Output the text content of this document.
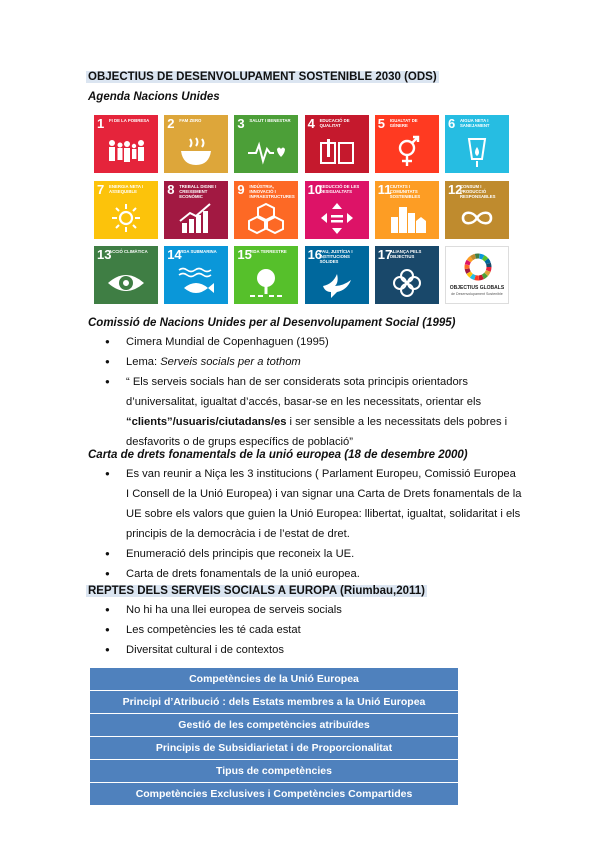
OBJECTIUS DE DESENVOLUPAMENT SOSTENIBLE 2030 (ODS)
Agenda Nacions Unides
1 FI DE LA POBRESA	2 FAM ZERO	3 SALUT I BENESTAR	4 EDUCACIÓ DE QUALITAT	5 IGUALTAT DE GÈNERE	6 AIGUA NETA I SANEJAMENT
7 ENERGIA NETA I ASSEQUIBLE	8 TREBALL DIGNE I CREIXEMENT ECONÒMIC	9 INDÚSTRIA, INNOVACIÓ I INFRAESTRUCTURES 10
REDUCCIÓ DE LES DESIGUALTATS	11
CIUTATS I COMUNITATS SOSTENIBLES	12
CONSUM I PRODUCCIÓ RESPONSABLES
13
ACCIÓ CLIMÀTICA	14
VIDA SUBMARINA	15
VIDA TERRESTRE	16
PAU, JUSTÍCIA I INSTITUCIONS SÒLIDES	17
ALIANÇA PELS OBJECTIUS
OBJECTIUS GLOBALS
de Desenvolupament Sostenible
Comissió de Nacions Unides per al Desenvolupament Social (1995)
● Cimera Mundial de Copenhaguen (1995)
● Lema: Serveis socials per a tothom
● “ Els serveis socials han de ser considerats sota principis orientadors
d’universalitat, igualtat d’accés, basar-se en les necessitats, orientar els
“clients”/usuaris/ciutadans/es i ser sensible a les necessitats dels pobres i
desfavorits o de grups específics de població”
Carta de drets fonamentals de la unió europea (18 de desembre 2000)
● Es van reunir a Niça les 3 institucions ( Parlament Europeu, Comissió Europea
I Consell de la Unió Europea) i van signar una Carta de Drets fonamentals de la
UE sobre els valors que guien la Unió Europea: llibertat, igualtat, solidaritat i els
principis de la democràcia i de l’estat de dret.
● Enumeració dels principis que reconeix la UE.
● Carta de drets fonamentals de la unió europea.
REPTES DELS SERVEIS SOCIALS A EUROPA (Riumbau,2011)
● No hi ha una llei europea de serveis socials
● Les competències les té cada estat
● Diversitat cultural i de contextos
Competències de la Unió Europea
Principi d’Atribució : dels Estats membres a la Unió Europea
Gestió de les competències atribuïdes
Principis de Subsidiarietat i de Proporcionalitat
Tipus de competències
Competències Exclusives i Competències Compartides
